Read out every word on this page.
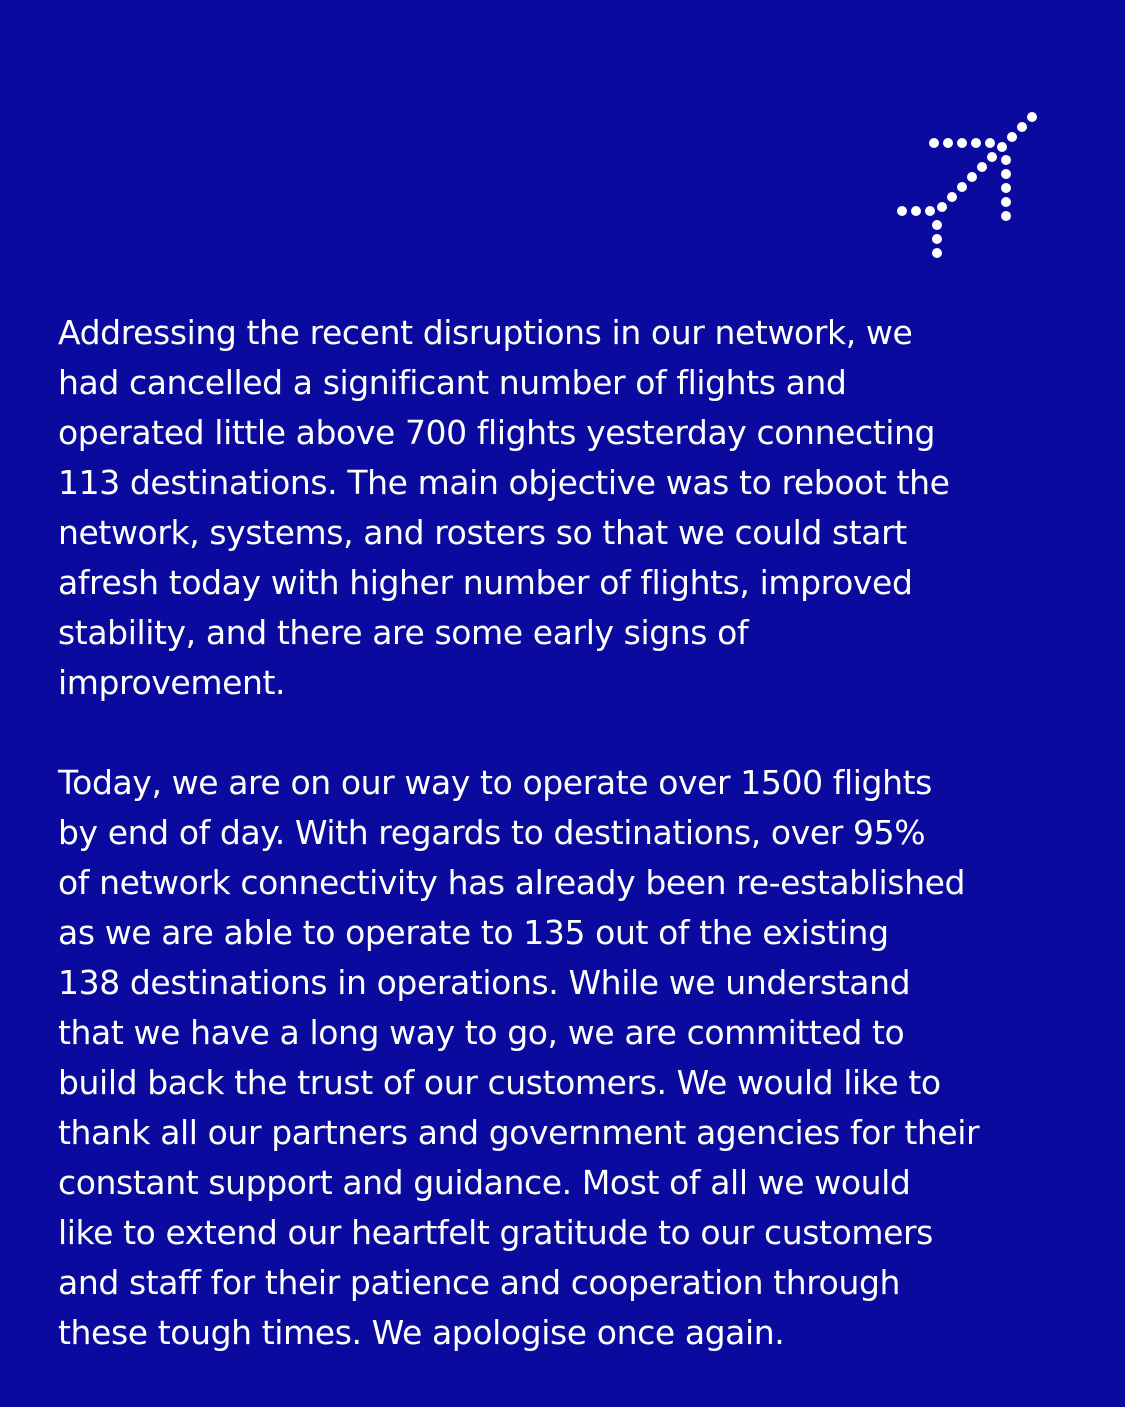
Addressing the recent disruptions in our network, we
had cancelled a significant number of flights and
operated little above 700 flights yesterday connecting
113 destinations. The main objective was to reboot the
network, systems, and rosters so that we could start
afresh today with higher number of flights, improved
stability, and there are some early signs of
improvement.

Today, we are on our way to operate over 1500 flights
by end of day. With regards to destinations, over 95%
of network connectivity has already been re-established
as we are able to operate to 135 out of the existing
138 destinations in operations. While we understand
that we have a long way to go, we are committed to
build back the trust of our customers. We would like to
thank all our partners and government agencies for their
constant support and guidance. Most of all we would
like to extend our heartfelt gratitude to our customers
and staff for their patience and cooperation through
these tough times. We apologise once again.
